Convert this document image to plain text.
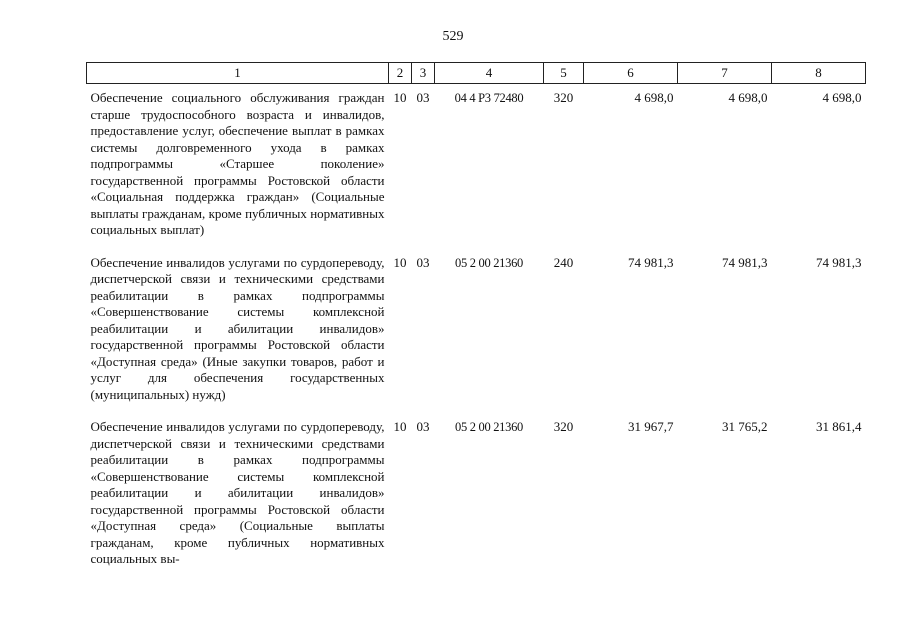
529
1	2	3	4	5	6	7	8
Обеспечение социального обслуживания граждан старше трудоспособного возраста и инвалидов, предоставление услуг, обеспечение выплат в рамках системы долговременного ухода в рамках подпрограммы «Старшее поколение» государственной программы Ростовской области «Социальная поддержка граждан» (Социальные выплаты гражданам, кроме публичных нормативных социальных выплат)	10	03	04 4 P3 72480	320	4 698,0	4 698,0	4 698,0
Обеспечение инвалидов услугами по сурдопереводу, диспетчерской связи и техническими средствами реабилитации в рамках подпрограммы «Совершенствование системы комплексной реабилитации и абилитации инвалидов» государственной программы Ростовской области «Доступная среда» (Иные закупки товаров, работ и услуг для обеспечения государственных (муниципальных) нужд)	10	03	05 2 00 21360	240	74 981,3	74 981,3	74 981,3
Обеспечение инвалидов услугами по сурдопереводу, диспетчерской связи и техническими средствами реабилитации в рамках подпрограммы «Совершенствование системы комплексной реабилитации и абилитации инвалидов» государственной программы Ростовской области «Доступная среда» (Социальные выплаты гражданам, кроме публичных нормативных социальных вы-	10	03	05 2 00 21360	320	31 967,7	31 765,2	31 861,4
